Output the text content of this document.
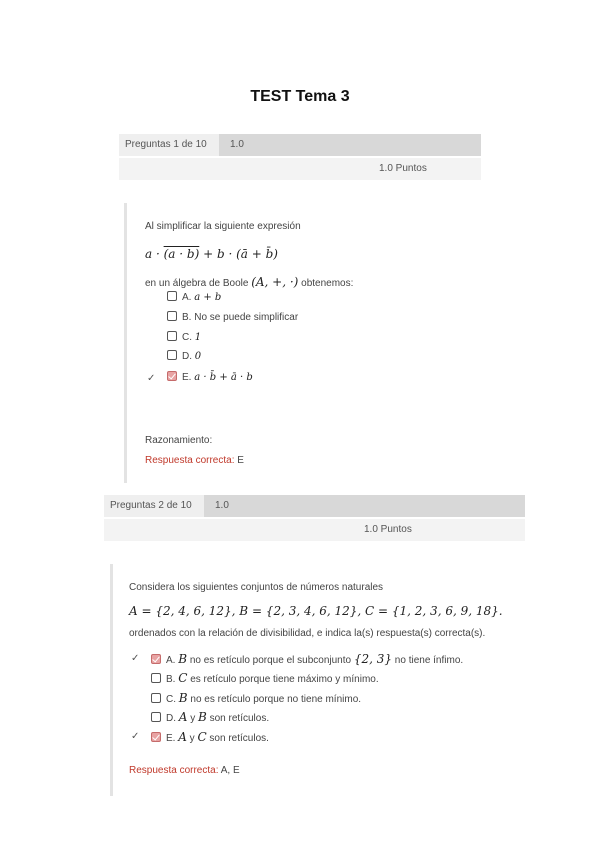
TEST Tema 3
Preguntas 1 de 10	1.0
1.0 Puntos
Al simplificar la siguiente expresión
a · (a · b) + b · (ā + b̄)
en un álgebra de Boole (A, +, ·) obtenemos:
A. a + b
B. No se puede simplificar
C. 1
D. 0
✓	E. a · b̄ + ā · b
Razonamiento:
Respuesta correcta: E
Preguntas 2 de 10	1.0
1.0 Puntos
Considera los siguientes conjuntos de números naturales
A = {2, 4, 6, 12}, B = {2, 3, 4, 6, 12}, C = {1, 2, 3, 6, 9, 18}.
ordenados con la relación de divisibilidad, e indica la(s) respuesta(s) correcta(s).
✓	A. B no es retículo porque el subconjunto {2, 3} no tiene ínfimo.
B. C es retículo porque tiene máximo y mínimo.
C. B no es retículo porque no tiene mínimo.
D. A y B son retículos.
✓	E. A y C son retículos.
Respuesta correcta: A, E
